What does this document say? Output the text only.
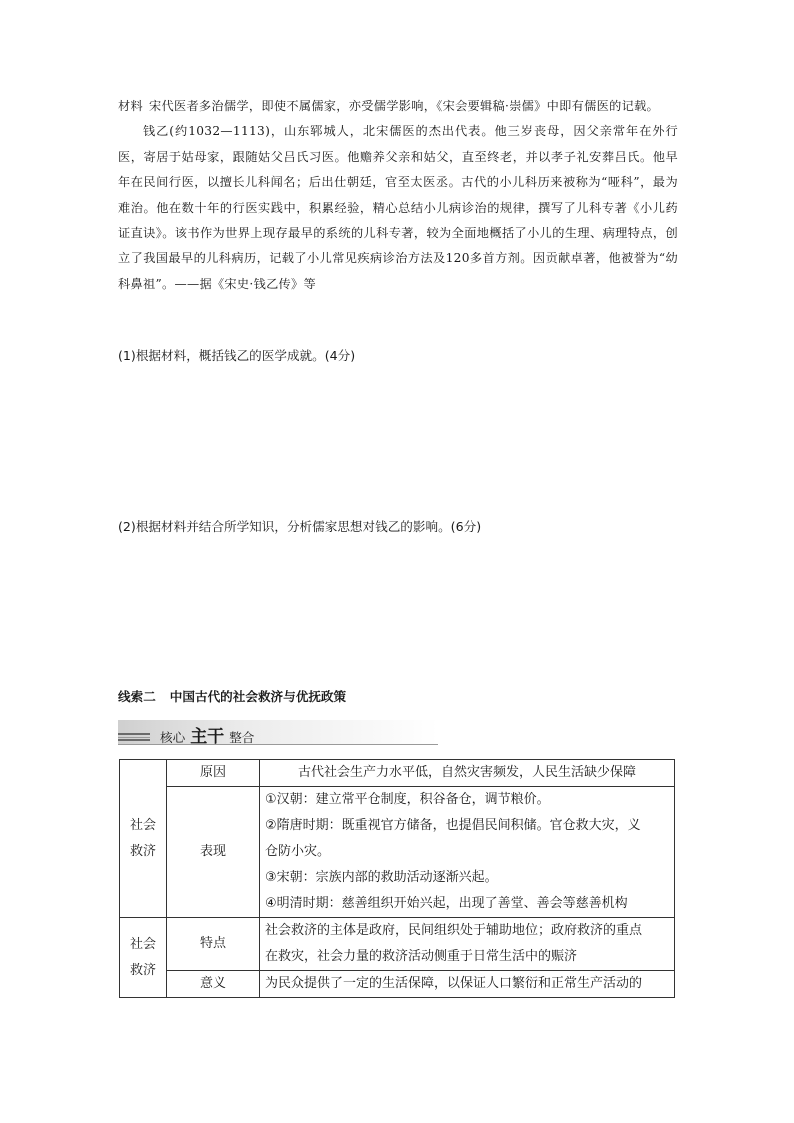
材料 宋代医者多治儒学，即使不属儒家，亦受儒学影响，《宋会要辑稿·崇儒》中即有儒医的记载。

钱乙(约1032—1113)，山东郓城人，北宋儒医的杰出代表。他三岁丧母，因父亲常年在外行医，寄居于姑母家，跟随姑父吕氏习医。他赡养父亲和姑父，直至终老，并以孝子礼安葬吕氏。他早年在民间行医，以擅长儿科闻名；后出仕朝廷，官至太医丞。古代的小儿科历来被称为“哑科”，最为难治。他在数十年的行医实践中，积累经验，精心总结小儿病诊治的规律，撰写了儿科专著《小儿药证直诀》。该书作为世界上现存最早的系统的儿科专著，较为全面地概括了小儿的生理、病理特点，创立了我国最早的儿科病历，记载了小儿常见疾病诊治方法及120多首方剂。因贡献卓著，他被誉为“幼科鼻祖”。——据《宋史·钱乙传》等

(1)根据材料，概括钱乙的医学成就。(4分)
(2)根据材料并结合所学知识，分析儒家思想对钱乙的影响。(6分)
线索二 中国古代的社会救济与优抚政策
核心 主干 整合
社会
救济	原因	古代社会生产力水平低，自然灾害频发，人民生活缺少保障
	表现	①汉朝：建立常平仓制度，积谷备仓，调节粮价。
②隋唐时期：既重视官方储备，也提倡民间积储。官仓救大灾，义
仓防小灾。
③宋朝：宗族内部的救助活动逐渐兴起。
④明清时期：慈善组织开始兴起，出现了善堂、善会等慈善机构

社会
救济	特点	社会救济的主体是政府，民间组织处于辅助地位；政府救济的重点
在救灾，社会力量的救济活动侧重于日常生活中的赈济

	意义	为民众提供了一定的生活保障，以保证人口繁衍和正常生产活动的
